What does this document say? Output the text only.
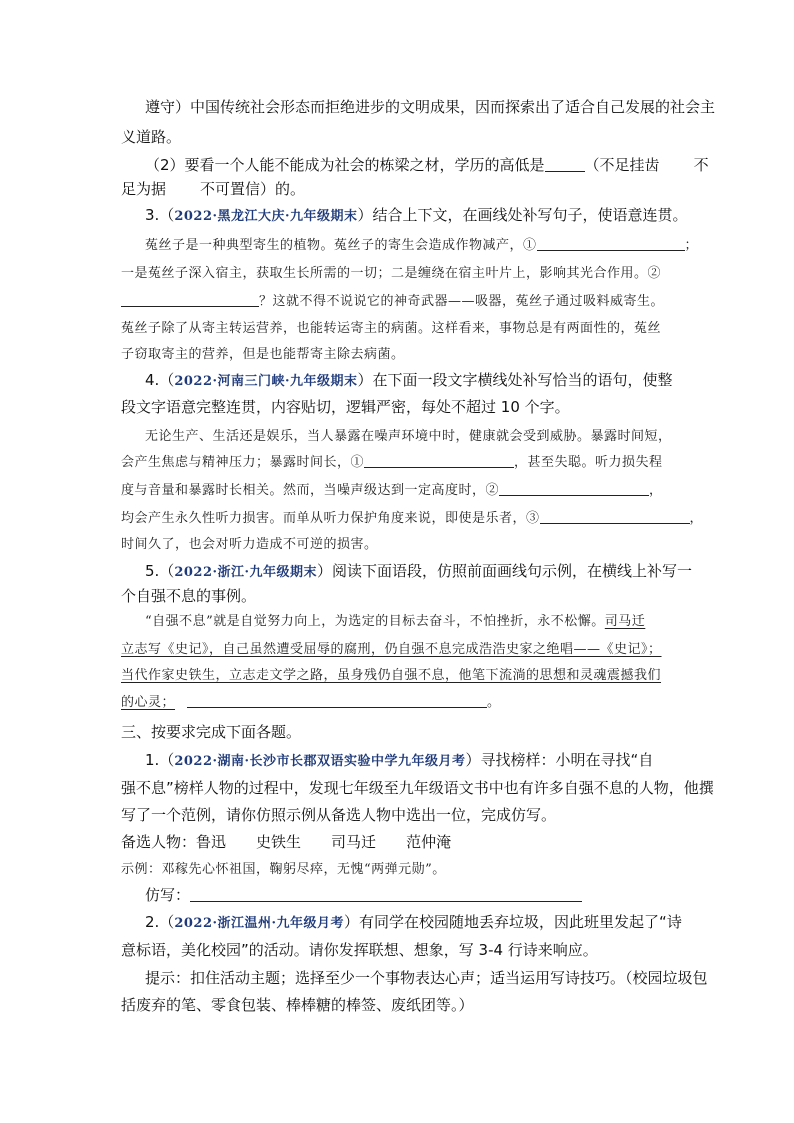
遵守）中国传统社会形态而拒绝进步的文明成果，因而探索出了适合自己发展的社会主
义道路。
（2）要看一个人能不能成为社会的栋梁之材，学历的高低是	（不足挂齿 不
足为据 不可置信）的。
3.（2022·黑龙江大庆·九年级期末）结合上下文，在画线处补写句子，使语意连贯。
菟丝子是一种典型寄生的植物。菟丝子的寄生会造成作物减产，①	；
一是菟丝子深入宿主，获取生长所需的一切；二是缠绕在宿主叶片上，影响其光合作用。②
？这就不得不说说它的神奇武器——吸器，菟丝子通过吸料威寄生。
菟丝子除了从寄主转运营养，也能转运寄主的病菌。这样看来，事物总是有两面性的，菟丝
子窃取寄主的营养，但是也能帮寄主除去病菌。
4.（2022·河南三门峡·九年级期末）在下面一段文字横线处补写恰当的语句，使整
段文字语意完整连贯，内容贴切，逻辑严密，每处不超过 10 个字。
无论生产、生活还是娱乐，当人暴露在噪声环境中时，健康就会受到威胁。暴露时间短，
会产生焦虑与精神压力；暴露时间长，①	，甚至失聪。听力损失程
度与音量和暴露时长相关。然而，当噪声级达到一定高度时，②	，
均会产生永久性听力损害。而单从听力保护角度来说，即使是乐者，③	，
时间久了，也会对听力造成不可逆的损害。
5.（2022·浙江·九年级期末）阅读下面语段，仿照前面画线句示例，在横线上补写一
个自强不息的事例。
“自强不息”就是自觉努力向上，为选定的目标去奋斗，不怕挫折，永不松懈。司马迁
立志写《史记》，自己虽然遭受屈辱的腐刑，仍自强不息完成浩浩史家之绝唱——《史记》；
当代作家史铁生，立志走文学之路，虽身残仍自强不息，他笔下流淌的思想和灵魂震撼我们
的心灵；	。
三、按要求完成下面各题。
1.（2022·湖南·长沙市长郡双语实验中学九年级月考）寻找榜样：小明在寻找“自
强不息”榜样人物的过程中，发现七年级至九年级语文书中也有许多自强不息的人物，他撰
写了一个范例，请你仿照示例从备选人物中选出一位，完成仿写。
备选人物：鲁迅 史铁生 司马迁 范仲淹
示例：邓稼先心怀祖国，鞠躬尽瘁，无愧“两弹元勋”。
仿写：
2.（2022·浙江温州·九年级月考）有同学在校园随地丢弃垃圾，因此班里发起了“诗
意标语，美化校园”的活动。请你发挥联想、想象，写 3-4 行诗来响应。
提示：扣住活动主题；选择至少一个事物表达心声；适当运用写诗技巧。（校园垃圾包
括废弃的笔、零食包装、棒棒糖的棒签、废纸团等。）
